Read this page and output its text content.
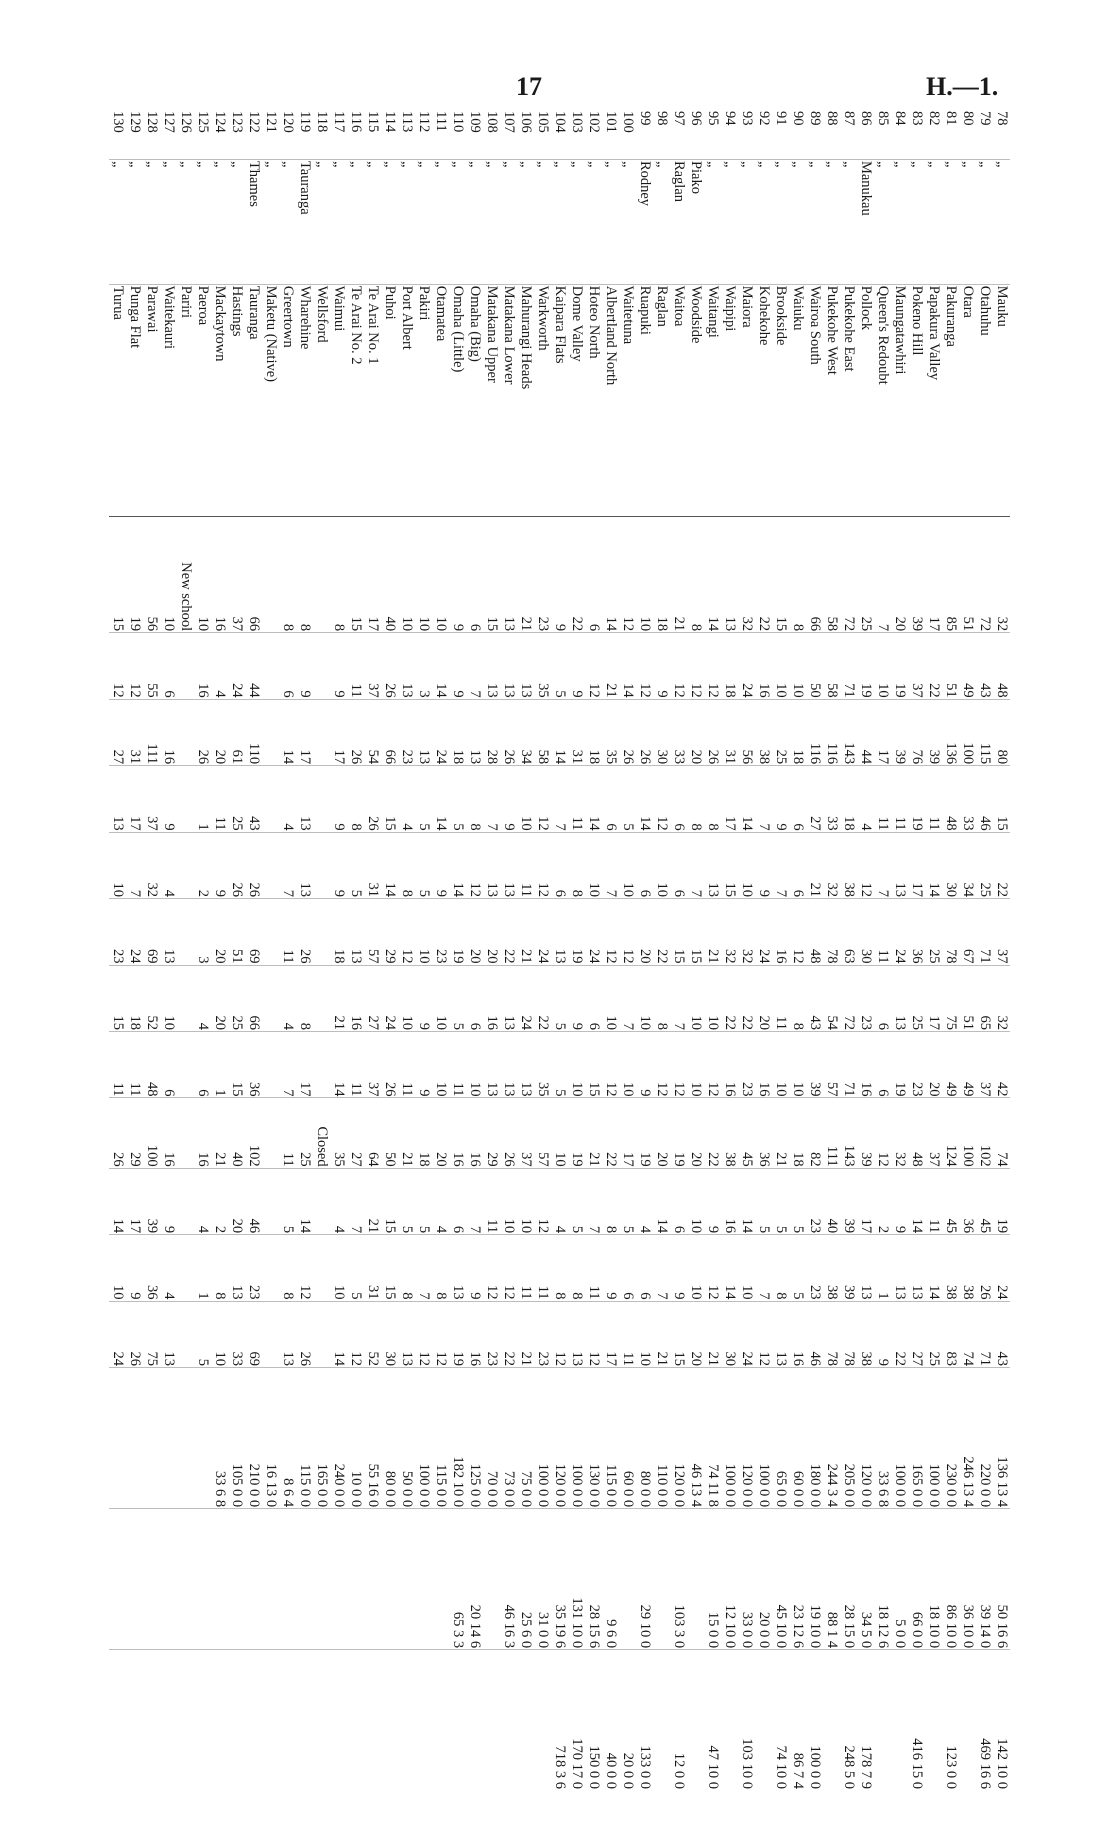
17	H.—1.
78	„	Mauku	32	48	80	15	22	37	32	42	74	19	24	43	136 13 4	50 16 6	142 10 0
79	„	Otahuhu	72	43	115	46	25	71	65	37	102	45	26	71	220 0 0	39 14 0	469 16 6
80	„	Otara	51	49	100	33	34	67	51	49	100	36	38	74	246 13 4	36 10 0	
81	„	Pakuranga	85	51	136	48	30	78	75	49	124	45	38	83	230 0 0	86 10 0	123 0 0
82	„	Papakura Valley	17	22	39	11	14	25	17	20	37	11	14	25	100 0 0	18 10 0	
83	„	Pokeno Hill	39	37	76	19	17	36	25	23	48	14	13	27	165 0 0	66 0 0	416 15 0
84	„	Maungatawhiri	20	19	39	11	13	24	13	19	32	9	13	22	100 0 0	5 0 0	
85	„	Queen's Redoubt	7	10	17	11	7	11	6	6	12	2	1	9	33 6 8	18 12 6	
86	Manukau	Pollock	25	19	44	4	12	30	23	16	39	17	13	38	120 0 0	34 5 0	178 7 9
87	„	Pukekohe East	72	71	143	18	38	63	72	71	143	39	39	78	205 0 0	28 15 0	248 5 0
88	„	Pukekohe West	58	58	116	33	32	78	54	57	111	40	38	78	244 3 4	88 1 4	
89	„	Wairoa South	66	50	116	27	21	48	43	39	82	23	23	46	180 0 0	19 10 0	100 0 0
90	„	Waiuku	8	10	18	6	6	12	8	10	18	5	5	16	60 0 0	23 12 6	86 7 4
91	„	Brookside	15	10	25	9	7	16	11	10	21	5	8	13	65 0 0	45 10 0	74 10 0
92	„	Kohekohe	22	16	38	7	9	24	20	16	36	5	7	12	100 0 0	20 0 0	
93	„	Maiora	32	24	56	14	10	32	22	23	45	14	10	24	120 0 0	33 0 0	103 10 0
94	„	Waipipi	13	18	31	17	15	32	22	16	38	16	14	30	100 0 0	12 10 0	
95	„	Waitangi	14	12	26	8	13	21	10	12	22	9	12	21	74 11 8	15 0 0	47 10 0
96	Piako	Woodside	8	12	20	8	7	15	10	10	20	10	10	20	46 13 4		
97	Raglan	Waitoa	21	12	33	6	6	15	7	12	19	6	9	15	120 0 0	103 3 0	12 0 0
98	„	Raglan	18	9	30	12	10	22	8	12	20	14	7	21	110 0 0		
99	Rodney	Ruapuki	10	12	26	14	6	20	10	9	19	4	6	10	80 0 0	29 10 0	133 0 0
100	„	Waitetuna	12	14	26	5	10	12	7	10	17	5	6	11	60 0 0		20 0 0
101	„	Albertland North	14	21	35	6	7	12	10	12	22	8	9	17	115 0 0	9 6 0	40 0 0
102	„	Hoteo North	6	12	18	14	10	24	6	15	21	7	11	12	130 0 0	28 15 6	150 0 0
103	„	Dome Valley	22	9	31	11	8	19	9	10	19	5	8	13	100 0 0	131 10 0	170 17 0
104	„	Kaipara Flats	9	5	14	7	6	13	5	5	10	4	8	12	120 0 0	35 19 6	718 3 6
105	„	Warkworth	23	35	58	12	12	24	22	35	57	12	11	23	100 0 0	31 0 0	
106	„	Mahurangi Heads	21	13	34	10	11	21	24	13	37	10	11	21	75 0 0	25 6 0	
107	„	Matakana Lower	13	13	26	9	13	22	13	13	26	10	12	22	73 0 0	46 16 3	
108	„	Matakana Upper	15	13	28	7	13	20	16	13	29	11	12	23	70 0 0		
109	„	Omaha (Big)	6	7	13	8	12	20	6	10	16	7	9	16	125 0 0	20 14 6	
110	„	Omaha (Little)	9	9	18	5	14	19	5	11	16	6	13	19	182 10 0	65 3 3	
111	„	Otamatea	10	14	24	14	9	23	10	10	20	4	8	12	115 0 0		
112	„	Pakiri	10	3	13	5	5	10	9	9	18	5	7	12	100 0 0		
113	„	Port Albert	10	13	23	4	8	12	10	11	21	5	8	13	50 0 0		
114	„	Puhoi	40	26	66	15	14	29	24	26	50	15	15	30	80 0 0		
115	„	Te Arai No. 1	17	37	54	26	31	57	27	37	64	21	31	52	55 16 0		
116	„	Te Arai No. 2	15	11	26	8	5	13	16	11	27	7	5	12	10 0 0		
117	„	Waimui	8	9	17	9	9	18	21	14	35	4	10	14	240 0 0		
118	„	Wellsford									Closed				165 0 0		
119	Tauranga	Wharehine	8	9	17	13	13	26	8	17	25	14	12	26	115 0 0		
120	„	Greertown	8	6	14	4	7	11	4	7	11	5	8	13	8 6 4		
121	„	Maketu (Native)													16 13 0		
122	Thames	Tauranga	66	44	110	43	26	69	66	36	102	46	23	69	210 0 0		
123	„	Hastings	37	24	61	25	26	51	25	15	40	20	13	33	105 0 0		
124	„	Mackaytown	16	4	20	11	9	20	20	1	21	2	8	10	33 6 8		
125	„	Paeroa	10	16	26	1	2	3	4	6	16	4	1	5			
126	„	Pariri	New school														
127	„	Waitekauri	10	6	16	9	4	13	10	6	16	9	4	13			
128	„	Parawai	56	55	111	37	32	69	52	48	100	39	36	75			
129	„	Punga Flat	19	12	31	17	7	24	18	11	29	17	9	26			
130	„	Turua	15	12	27	13	10	23	15	11	26	14	10	24			
